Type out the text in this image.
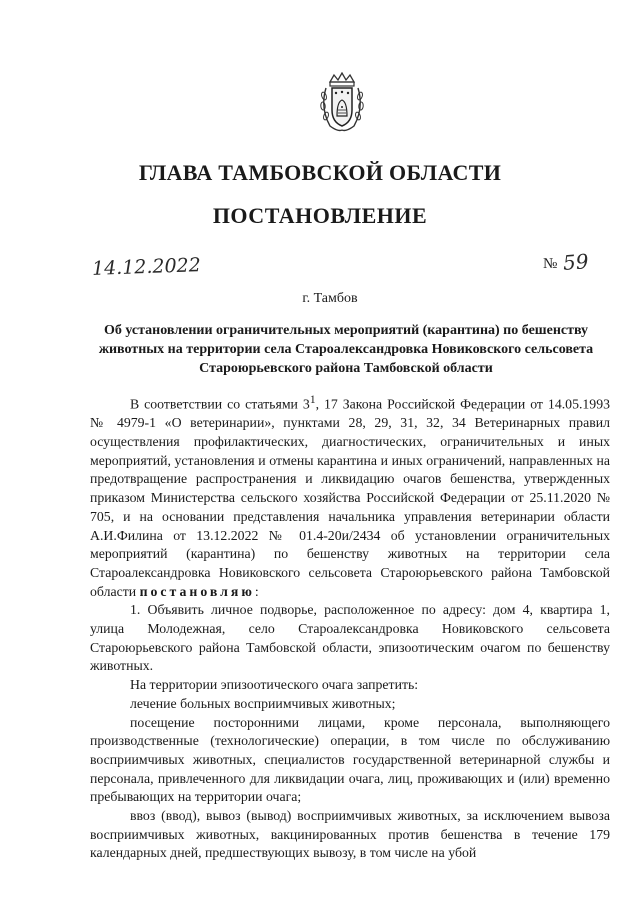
ГЛАВА ТАМБОВСКОЙ ОБЛАСТИ
ПОСТАНОВЛЕНИЕ
14.12.2022	№ 59
г. Тамбов
Об установлении ограничительных мероприятий (карантина) по бешенству животных на территории села Староалександровка Новиковского сельсовета Староюрьевского района Тамбовской области

В соответствии со статьями $3^1$, 17 Закона Российской Федерации от 14.05.1993 № 4979-1 «О ветеринарии», пунктами 28, 29, 31, 32, 34 Ветеринарных правил осуществления профилактических, диагностических, ограничительных и иных мероприятий, установления и отмены карантина и иных ограничений, направленных на предотвращение распространения и ликвидацию очагов бешенства, утвержденных приказом Министерства сельского хозяйства Российской Федерации от 25.11.2020 № 705, и на основании представления начальника управления ветеринарии области А.И.Филина от 13.12.2022 № 01.4-20и/2434 об установлении ограничительных мероприятий (карантина) по бешенству животных на территории села Староалександровка Новиковского сельсовета Староюрьевского района Тамбовской области постановляю:

1. Объявить личное подворье, расположенное по адресу: дом 4, квартира 1, улица Молодежная, село Староалександровка Новиковского сельсовета Староюрьевского района Тамбовской области, эпизоотическим очагом по бешенству животных.

На территории эпизоотического очага запретить:

лечение больных восприимчивых животных;

посещение посторонними лицами, кроме персонала, выполняющего производственные (технологические) операции, в том числе по обслуживанию восприимчивых животных, специалистов государственной ветеринарной службы и персонала, привлеченного для ликвидации очага, лиц, проживающих и (или) временно пребывающих на территории очага;

ввоз (ввод), вывоз (вывод) восприимчивых животных, за исключением вывоза восприимчивых животных, вакцинированных против бешенства в течение 179 календарных дней, предшествующих вывозу, в том числе на убой
